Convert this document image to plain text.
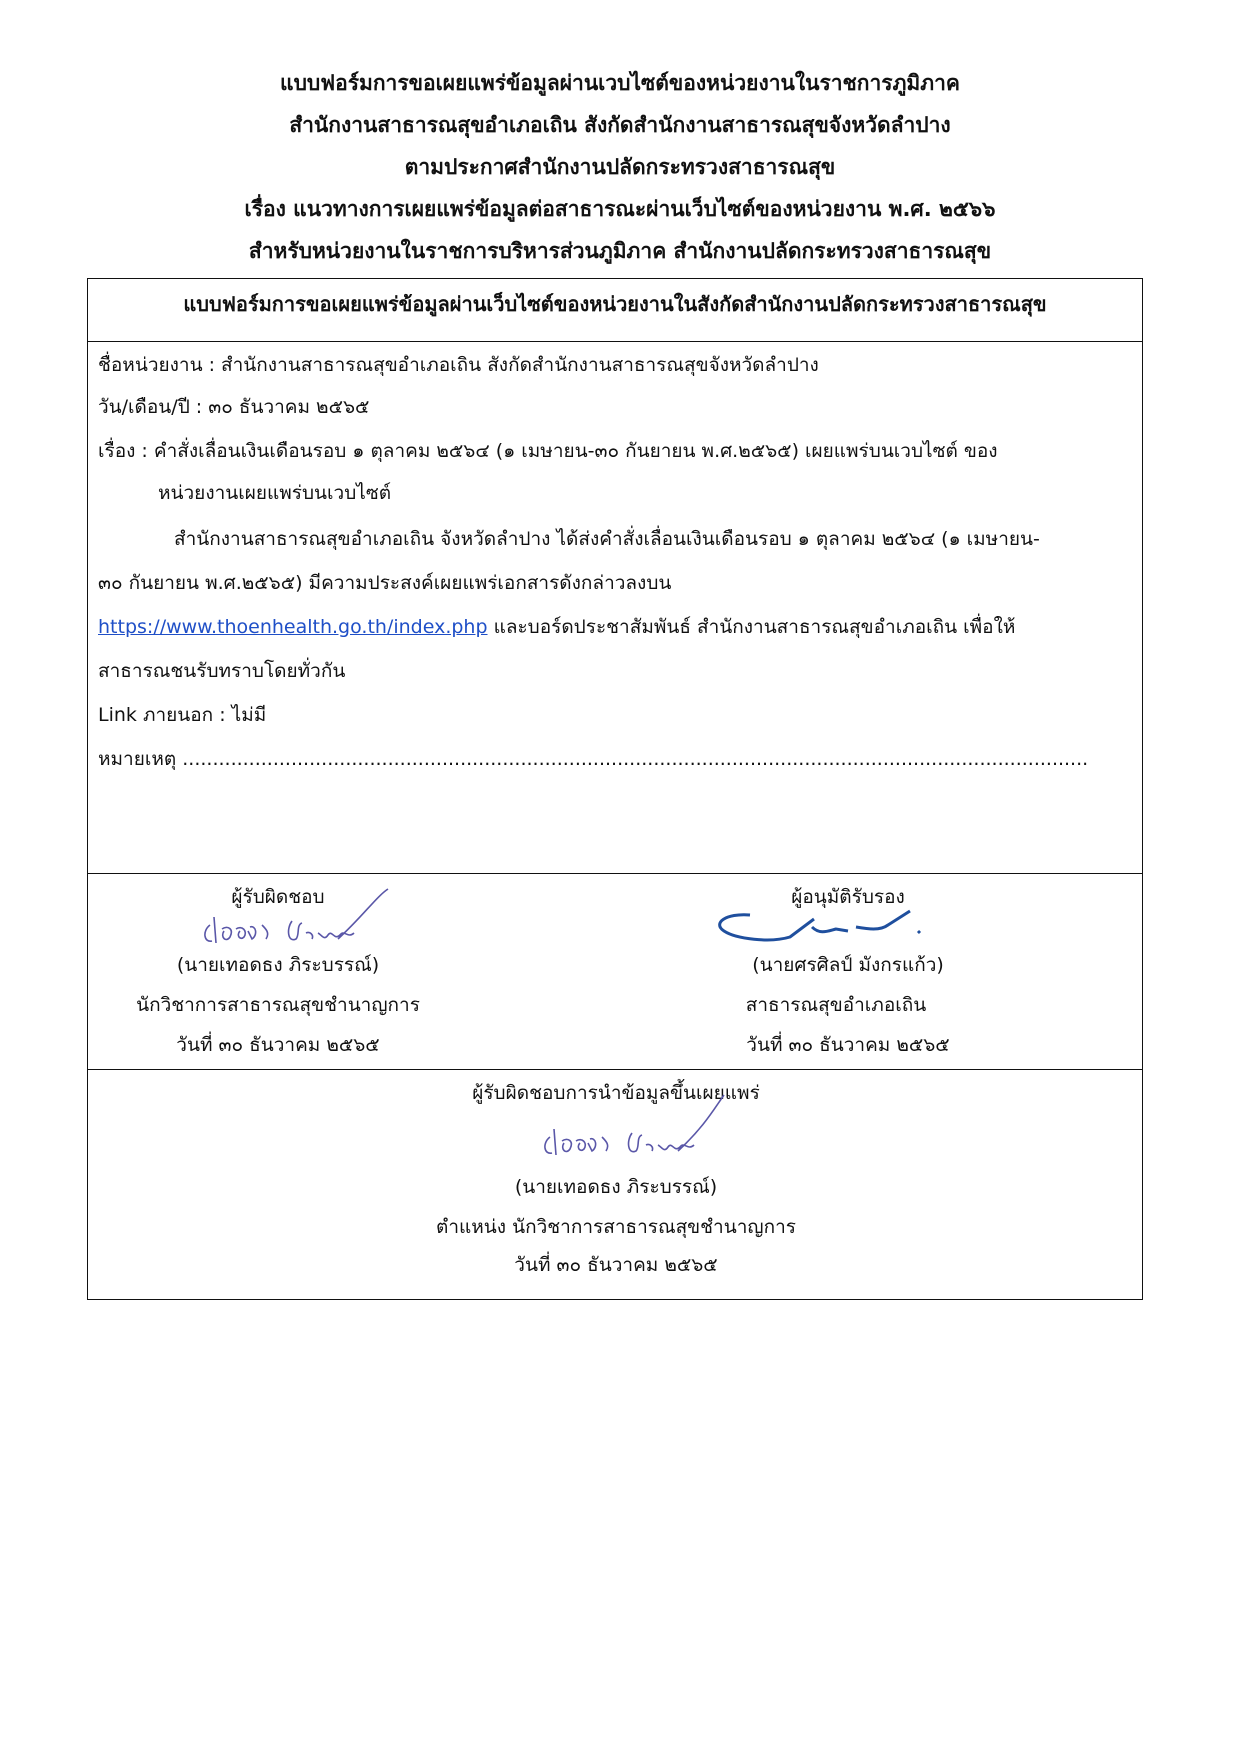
แบบฟอร์มการขอเผยแพร่ข้อมูลผ่านเวบไซต์ของหน่วยงานในราชการภูมิภาค
สำนักงานสาธารณสุขอำเภอเถิน สังกัดสำนักงานสาธารณสุขจังหวัดลำปาง
ตามประกาศสำนักงานปลัดกระทรวงสาธารณสุข
เรื่อง แนวทางการเผยแพร่ข้อมูลต่อสาธารณะผ่านเว็บไซต์ของหน่วยงาน พ.ศ. ๒๕๖๖
สำหรับหน่วยงานในราชการบริหารส่วนภูมิภาค สำนักงานปลัดกระทรวงสาธารณสุข
แบบฟอร์มการขอเผยแพร่ข้อมูลผ่านเว็บไซต์ของหน่วยงานในสังกัดสำนักงานปลัดกระทรวงสาธารณสุข
ชื่อหน่วยงาน : สำนักงานสาธารณสุขอำเภอเถิน สังกัดสำนักงานสาธารณสุขจังหวัดลำปาง
วัน/เดือน/ปี : ๓๐ ธันวาคม ๒๕๖๕
เรื่อง : คำสั่งเลื่อนเงินเดือนรอบ ๑ ตุลาคม ๒๕๖๔ (๑ เมษายน-๓๐ กันยายน พ.ศ.๒๕๖๕) เผยแพร่บนเวบไซต์ ของ
หน่วยงานเผยแพร่บนเวบไซต์
สำนักงานสาธารณสุขอำเภอเถิน จังหวัดลำปาง ได้ส่งคำสั่งเลื่อนเงินเดือนรอบ ๑ ตุลาคม ๒๕๖๔ (๑ เมษายน-
๓๐ กันยายน พ.ศ.๒๕๖๕) มีความประสงค์เผยแพร่เอกสารดังกล่าวลงบน
https://www.thoenhealth.go.th/index.php และบอร์ดประชาสัมพันธ์ สำนักงานสาธารณสุขอำเภอเถิน เพื่อให้
สาธารณชนรับทราบโดยทั่วกัน
Link ภายนอก : ไม่มี
หมายเหตุ ......................................................................................................................................................
ผู้รับผิดชอบ
(นายเทอดธง ภิระบรรณ์)
นักวิชาการสาธารณสุขชำนาญการ
วันที่ ๓๐ ธันวาคม ๒๕๖๕
ผู้อนุมัติรับรอง
(นายศรศิลป์ มังกรแก้ว)
สาธารณสุขอำเภอเถิน
วันที่ ๓๐ ธันวาคม ๒๕๖๕
ผู้รับผิดชอบการนำข้อมูลขึ้นเผยแพร่
(นายเทอดธง ภิระบรรณ์)
ตำแหน่ง นักวิชาการสาธารณสุขชำนาญการ
วันที่ ๓๐ ธันวาคม ๒๕๖๕
